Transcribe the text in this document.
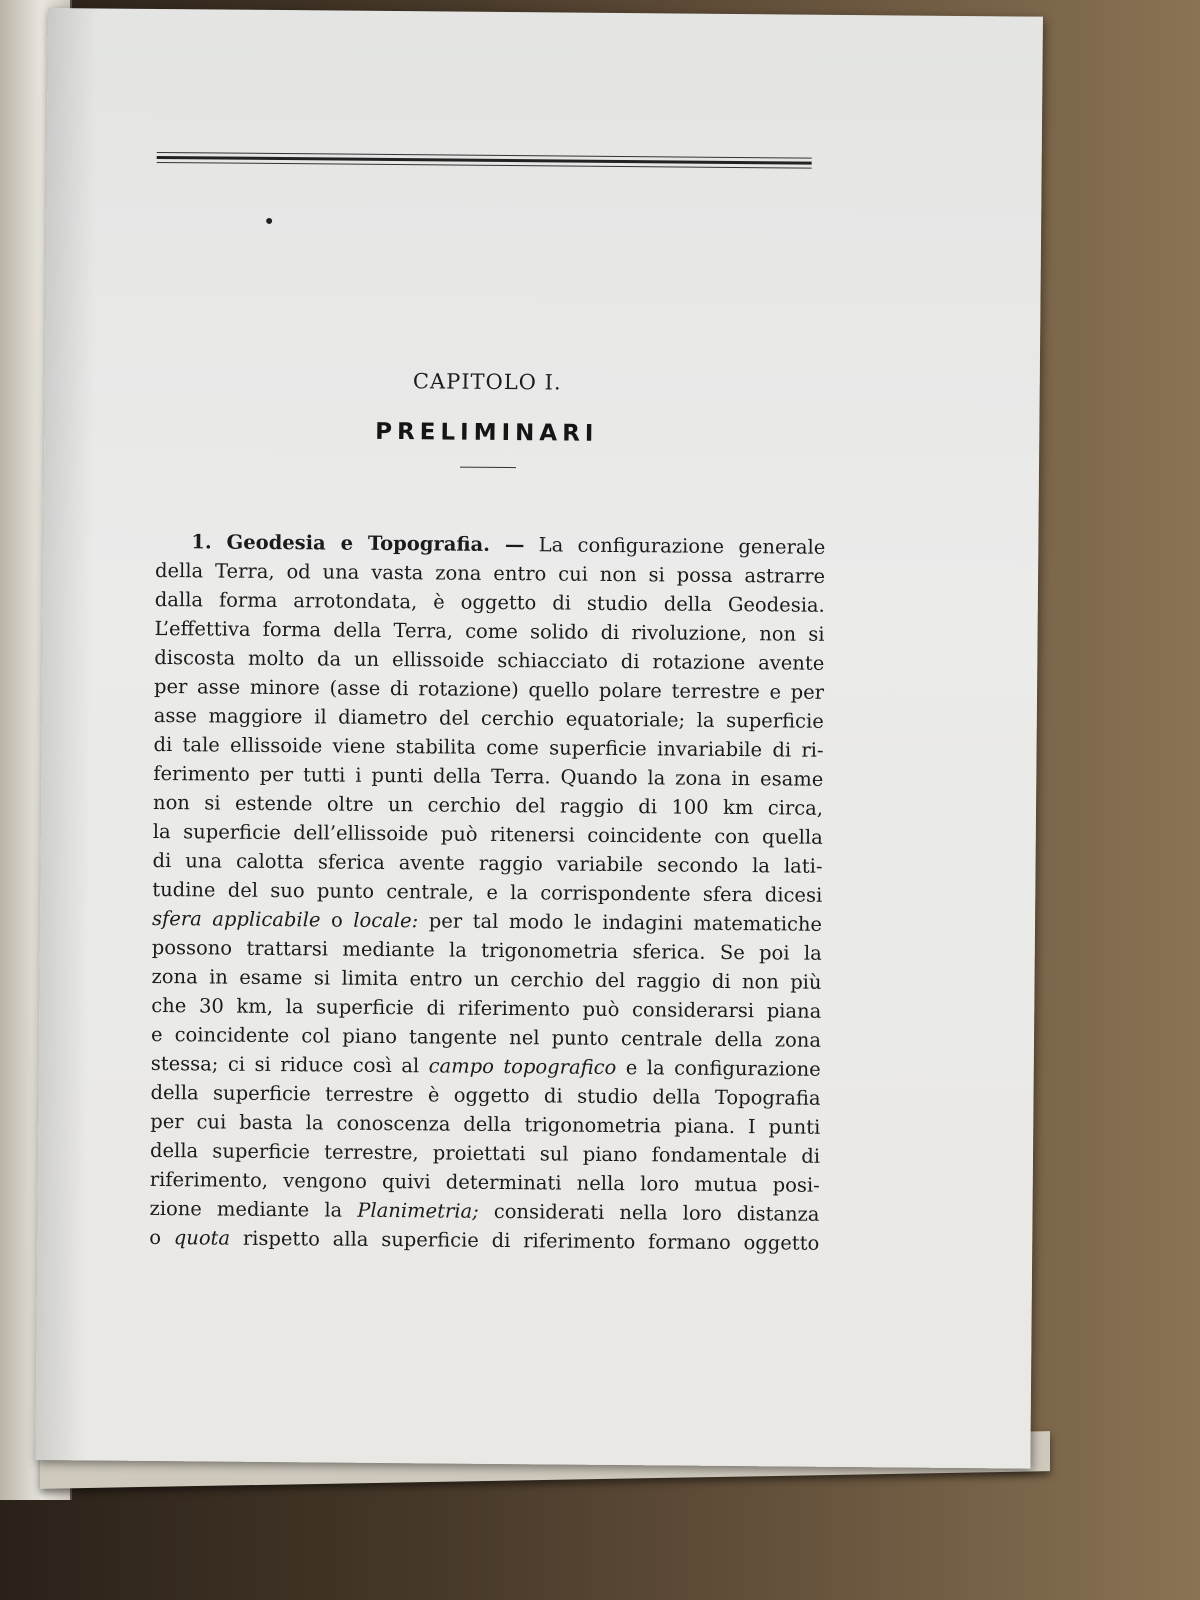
CAPITOLO I.
PRELIMINARI
1. Geodesia e Topografia. — La configurazione generale
della Terra, od una vasta zona entro cui non si possa astrarre
dalla forma arrotondata, è oggetto di studio della Geodesia.
L’effettiva forma della Terra, come solido di rivoluzione, non si
discosta molto da un ellissoide schiacciato di rotazione avente
per asse minore (asse di rotazione) quello polare terrestre e per
asse maggiore il diametro del cerchio equatoriale; la superficie
di tale ellissoide viene stabilita come superficie invariabile di ri-
ferimento per tutti i punti della Terra. Quando la zona in esame
non si estende oltre un cerchio del raggio di 100 km circa,
la superficie dell’ellissoide può ritenersi coincidente con quella
di una calotta sferica avente raggio variabile secondo la lati-
tudine del suo punto centrale, e la corrispondente sfera dicesi
sfera applicabile o locale: per tal modo le indagini matematiche
possono trattarsi mediante la trigonometria sferica. Se poi la
zona in esame si limita entro un cerchio del raggio di non più
che 30 km, la superficie di riferimento può considerarsi piana
e coincidente col piano tangente nel punto centrale della zona
stessa; ci si riduce così al campo topografico e la configurazione
della superficie terrestre è oggetto di studio della Topografia
per cui basta la conoscenza della trigonometria piana. I punti
della superficie terrestre, proiettati sul piano fondamentale di
riferimento, vengono quivi determinati nella loro mutua posi-
zione mediante la Planimetria; considerati nella loro distanza
o quota rispetto alla superficie di riferimento formano oggetto
